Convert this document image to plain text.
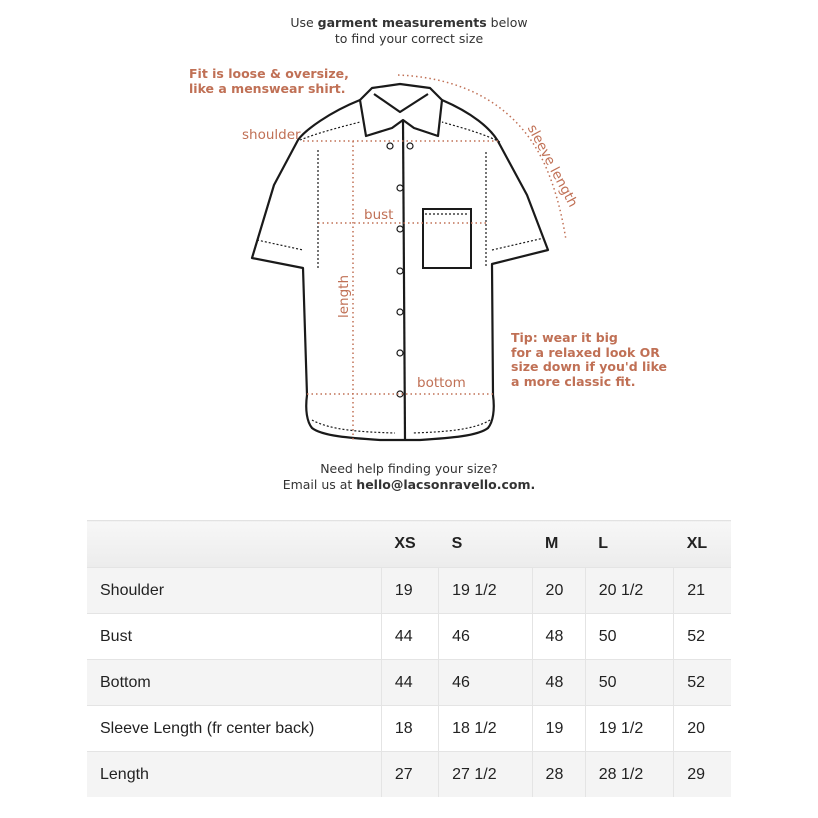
Use garment measurements below
to find your correct size
Fit is loose & oversize,
like a menswear shirt.
shoulder
bust
length
bottom
sleeve length
Tip: wear it big
for a relaxed look OR
size down if you'd like
a more classic fit.
Need help finding your size?
Email us at hello@lacsonravello.com.
	XS	S	M	L	XL
Shoulder	19	19 1/2	20	20 1/2	21
Bust	44	46	48	50	52
Bottom	44	46	48	50	52
Sleeve Length (fr center back)	18	18 1/2	19	19 1/2	20
Length	27	27 1/2	28	28 1/2	29
